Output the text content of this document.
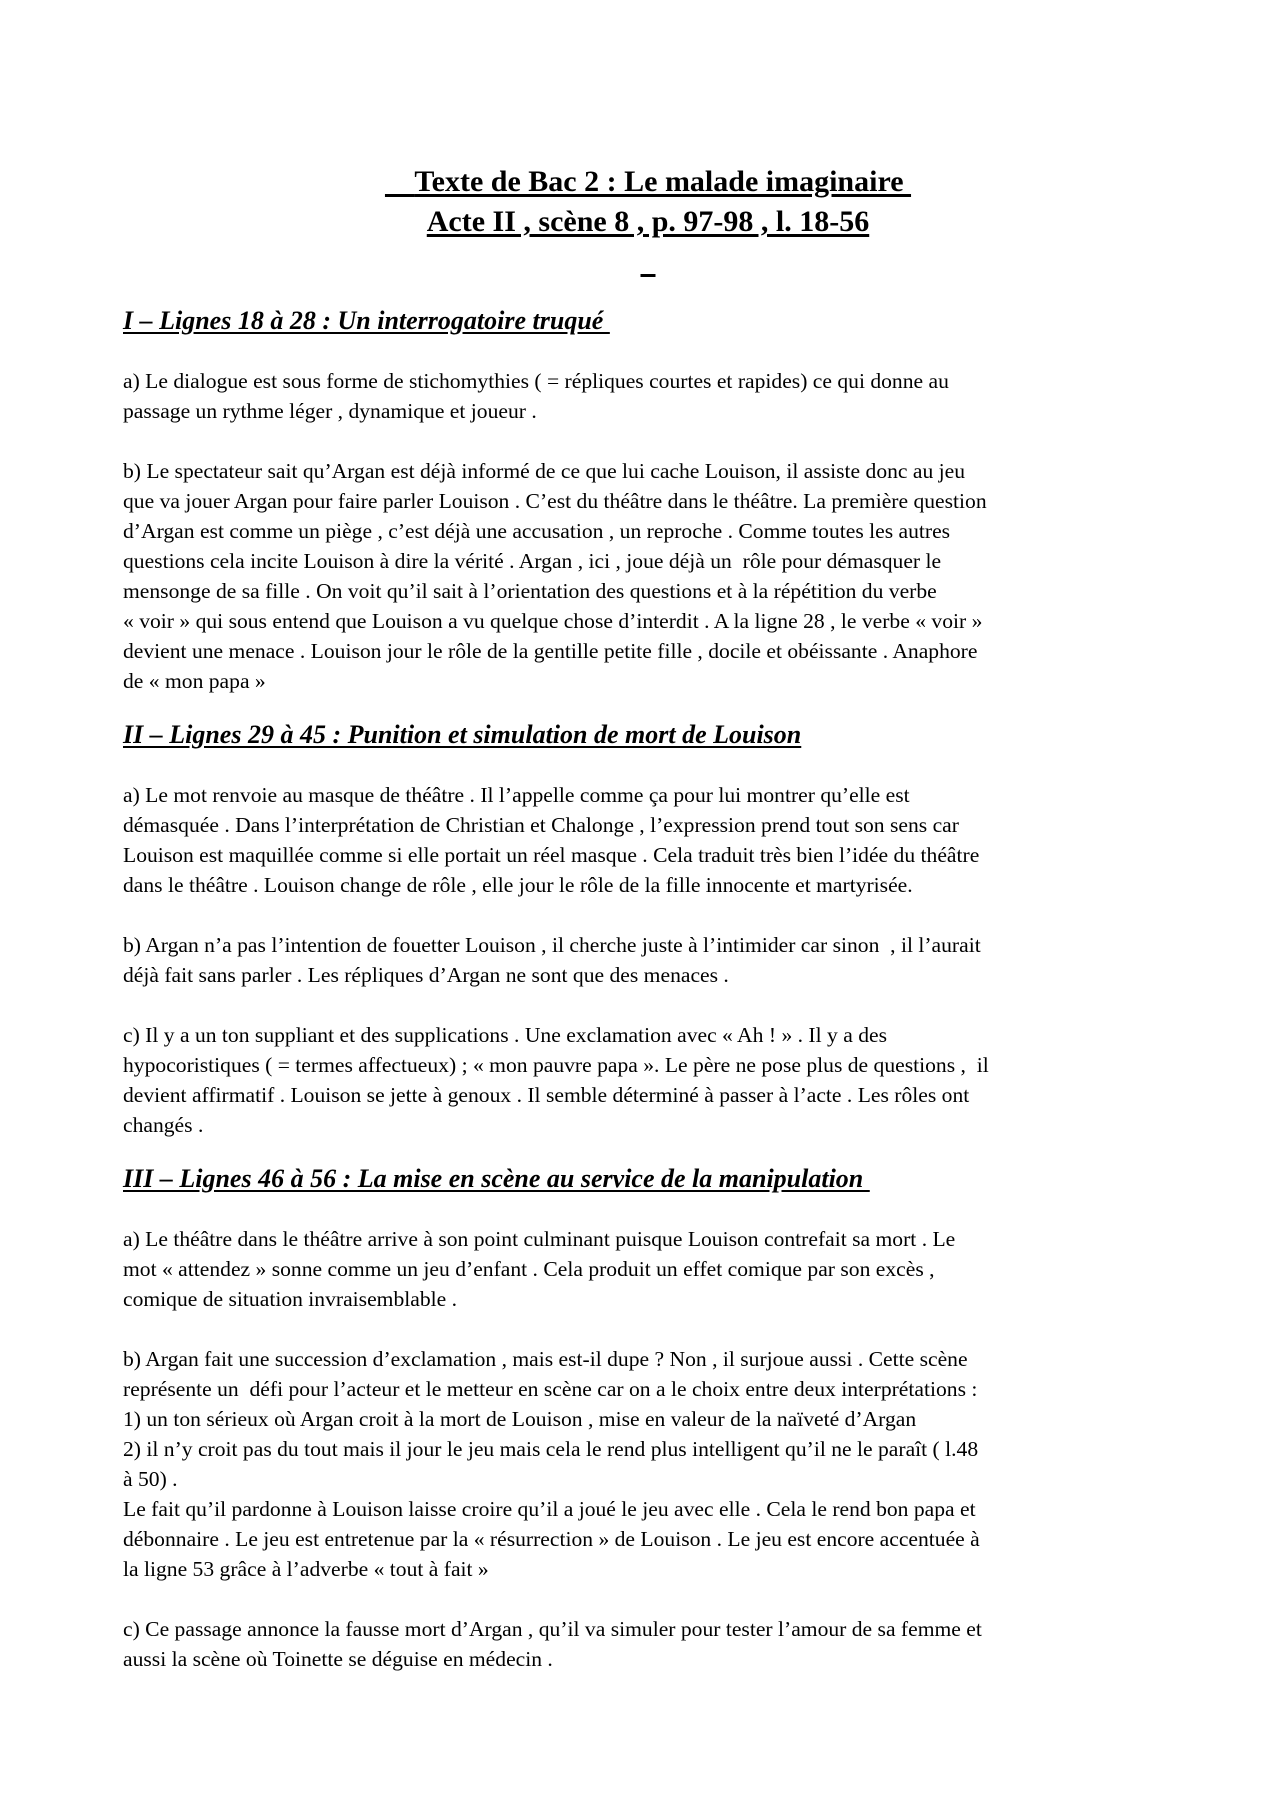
Texte de Bac 2 : Le malade imaginaire
Acte II , scène 8 , p. 97-98 , l. 18-56

I – Lignes 18 à 28 : Un interrogatoire truqué

a) Le dialogue est sous forme de stichomythies ( = répliques courtes et rapides) ce qui donne au
passage un rythme léger , dynamique et joueur .

b) Le spectateur sait qu’Argan est déjà informé de ce que lui cache Louison, il assiste donc au jeu
que va jouer Argan pour faire parler Louison . C’est du théâtre dans le théâtre. La première question
d’Argan est comme un piège , c’est déjà une accusation , un reproche . Comme toutes les autres
questions cela incite Louison à dire la vérité . Argan , ici , joue déjà un  rôle pour démasquer le
mensonge de sa fille . On voit qu’il sait à l’orientation des questions et à la répétition du verbe
« voir » qui sous entend que Louison a vu quelque chose d’interdit . A la ligne 28 , le verbe « voir »
devient une menace . Louison jour le rôle de la gentille petite fille , docile et obéissante . Anaphore
de « mon papa »

II – Lignes 29 à 45 : Punition et simulation de mort de Louison

a) Le mot renvoie au masque de théâtre . Il l’appelle comme ça pour lui montrer qu’elle est
démasquée . Dans l’interprétation de Christian et Chalonge , l’expression prend tout son sens car
Louison est maquillée comme si elle portait un réel masque . Cela traduit très bien l’idée du théâtre
dans le théâtre . Louison change de rôle , elle jour le rôle de la fille innocente et martyrisée.

b) Argan n’a pas l’intention de fouetter Louison , il cherche juste à l’intimider car sinon  , il l’aurait
déjà fait sans parler . Les répliques d’Argan ne sont que des menaces .

c) Il y a un ton suppliant et des supplications . Une exclamation avec « Ah ! » . Il y a des
hypocoristiques ( = termes affectueux) ; « mon pauvre papa ». Le père ne pose plus de questions ,  il
devient affirmatif . Louison se jette à genoux . Il semble déterminé à passer à l’acte . Les rôles ont
changés .

III – Lignes 46 à 56 : La mise en scène au service de la manipulation

a) Le théâtre dans le théâtre arrive à son point culminant puisque Louison contrefait sa mort . Le
mot « attendez » sonne comme un jeu d’enfant . Cela produit un effet comique par son excès ,
comique de situation invraisemblable .

b) Argan fait une succession d’exclamation , mais est-il dupe ? Non , il surjoue aussi . Cette scène
représente un  défi pour l’acteur et le metteur en scène car on a le choix entre deux interprétations :
1) un ton sérieux où Argan croit à la mort de Louison , mise en valeur de la naïveté d’Argan
2) il n’y croit pas du tout mais il jour le jeu mais cela le rend plus intelligent qu’il ne le paraît ( l.48
à 50) .
Le fait qu’il pardonne à Louison laisse croire qu’il a joué le jeu avec elle . Cela le rend bon papa et
débonnaire . Le jeu est entretenue par la « résurrection » de Louison . Le jeu est encore accentuée à
la ligne 53 grâce à l’adverbe « tout à fait »

c) Ce passage annonce la fausse mort d’Argan , qu’il va simuler pour tester l’amour de sa femme et
aussi la scène où Toinette se déguise en médecin .
